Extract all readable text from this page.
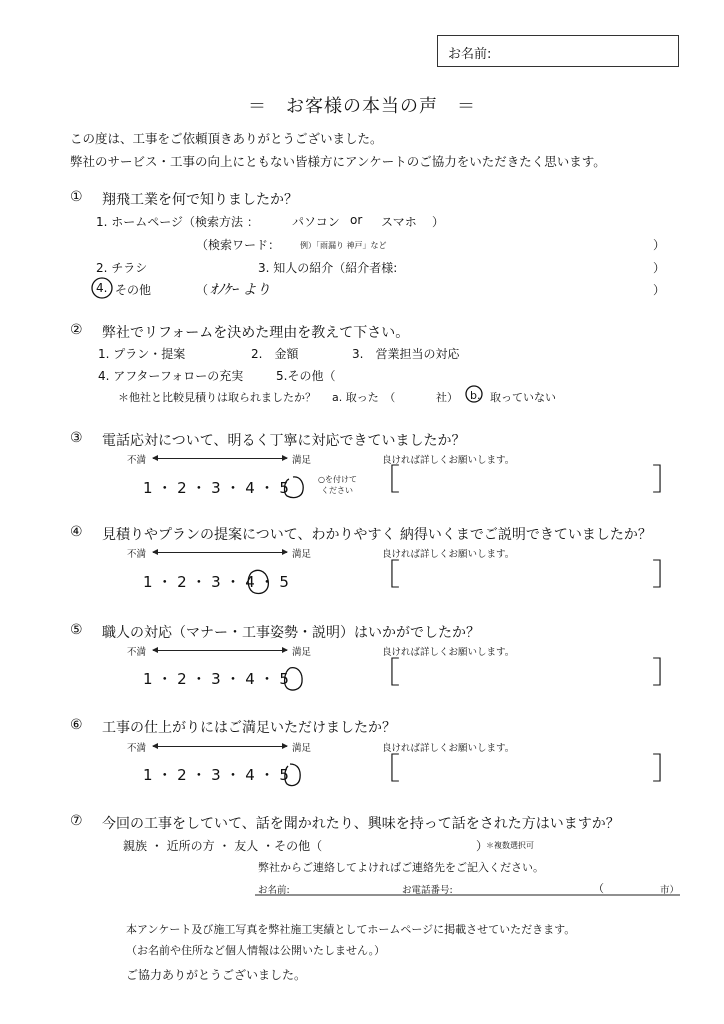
お名前:
＝　お客様の本当の声　＝
この度は、工事をご依頼頂きありがとうございました。
弊社のサービス・工事の向上にともない皆様方にアンケートのご協力をいただきたく思います。
① 翔飛工業を何で知りましたか？
1. ホームページ（検索方法 ：	パソコン or スマホ ）
（検索ワード： 例）「雨漏り 神戸」など	）
2. チラシ	3. 知人の紹介（紹介者様:	）
4. その他	（ ｵﾉｹｰ より	）
② 弊社でリフォームを決めた理由を教えて下さい。
1. プラン・提案	2.　金額	3.　営業担当の対応
4. アフターフォローの充実	5.その他（
＊他社と比較見積りは取られましたか？ a. 取った　（	社） b. 取っていない
③ 電話応対について、明るく丁寧に対応できていましたか？
不満	満足	良ければ詳しくお願いします。
1 ・ 2 ・ 3 ・ 4 ・ 5	○を付けて
ください ［	］
④ 見積りやプランの提案について、わかりやすく 納得いくまでご説明できていましたか？
不満	満足	良ければ詳しくお願いします。
1 ・ 2 ・ 3 ・ 4 ・ 5	［	］
⑤ 職人の対応（マナー・工事姿勢・説明）はいかがでしたか？
不満	満足	良ければ詳しくお願いします。
1 ・ 2 ・ 3 ・ 4 ・ 5	［	］
⑥ 工事の仕上がりにはご満足いただけましたか？
不満	満足	良ければ詳しくお願いします。
1 ・ 2 ・ 3 ・ 4 ・ 5	［	］
⑦ 今回の工事をしていて、話を聞かれたり、興味を持って話をされた方はいますか？
親族 ・ 近所の方 ・ 友人 ・その他（	）
＊複数選択可
弊社からご連絡してよければご連絡先をご記入ください。
お名前:	お電話番号:	（	市）
本アンケート及び施工写真を弊社施工実績としてホームページに掲載させていただきます。
（お名前や住所など個人情報は公開いたしません。）
ご協力ありがとうございました。
